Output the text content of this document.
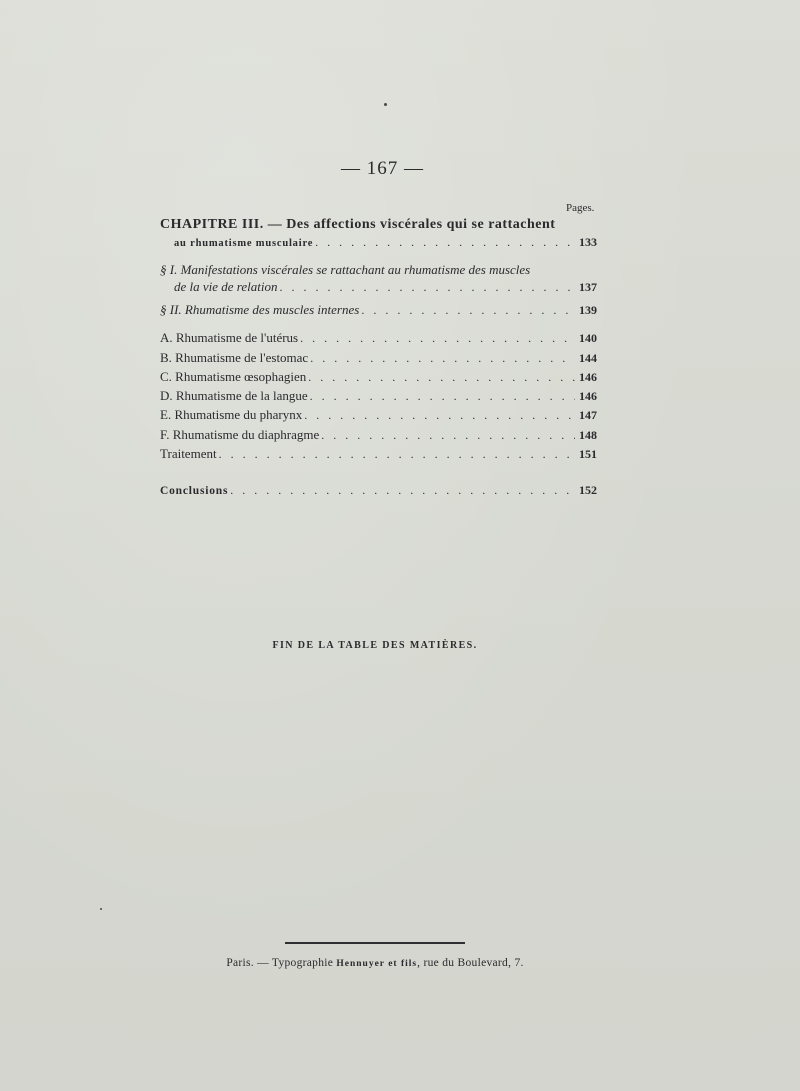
— 167 —
Pages.
CHAPITRE III. — Des affections viscérales qui se rattachent
au rhumatisme musculaire . . .	133
§ I. Manifestations viscérales se rattachant au rhumatisme des muscles
de la vie de relation . . .	137
§ II. Rhumatisme des muscles internes . . .	139
A. Rhumatisme de l'utérus . . .	140
B. Rhumatisme de l'estomac . . .	144
C. Rhumatisme œsophagien . . .	146
D. Rhumatisme de la langue . . .	146
E. Rhumatisme du pharynx . . .	147
F. Rhumatisme du diaphragme . . .	148
Traitement . . .	151
Conclusions . . .	152
FIN DE LA TABLE DES MATIÈRES.
Paris. — Typographie Hennuyer et fils, rue du Boulevard, 7.
